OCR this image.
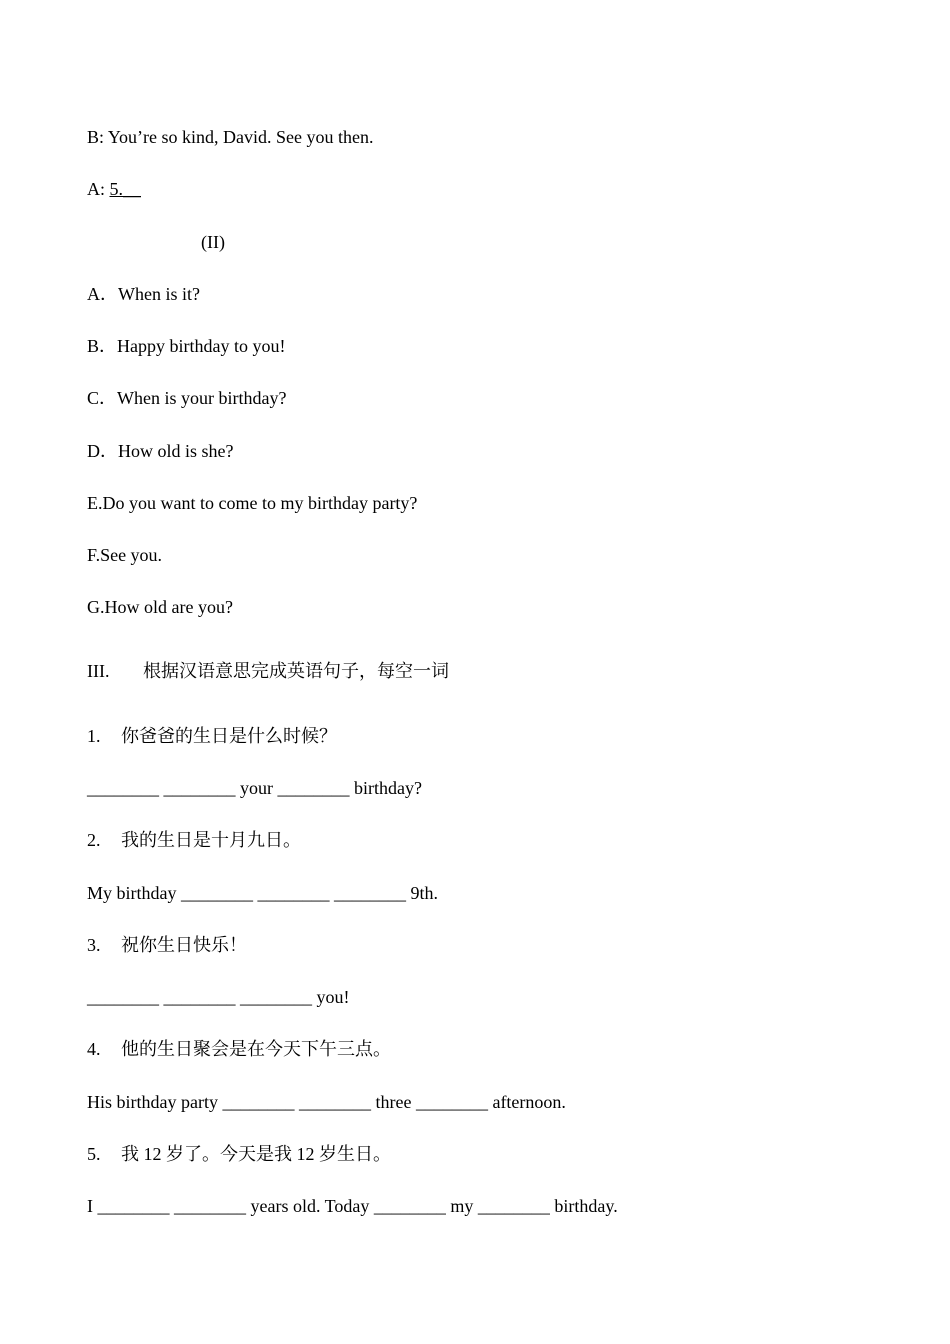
B: You’re so kind, David. See you then.
A: 5.＿
(II)
A．When is it?
B．Happy birthday to you!
C．When is your birthday?
D．How old is she?
E.Do you want to come to my birthday party?
F.See you.
G.How old are you?
III. 根据汉语意思完成英语句子，每空一词
1. 你爸爸的生日是什么时候？
________ ________ your ________ birthday?
2. 我的生日是十月九日。
My birthday ________ ________ ________ 9th.
3. 祝你生日快乐！
________ ________ ________ you!
4. 他的生日聚会是在今天下午三点。
His birthday party ________ ________ three ________ afternoon.
5. 我 12 岁了。今天是我 12 岁生日。
I ________ ________ years old. Today ________ my ________ birthday.
